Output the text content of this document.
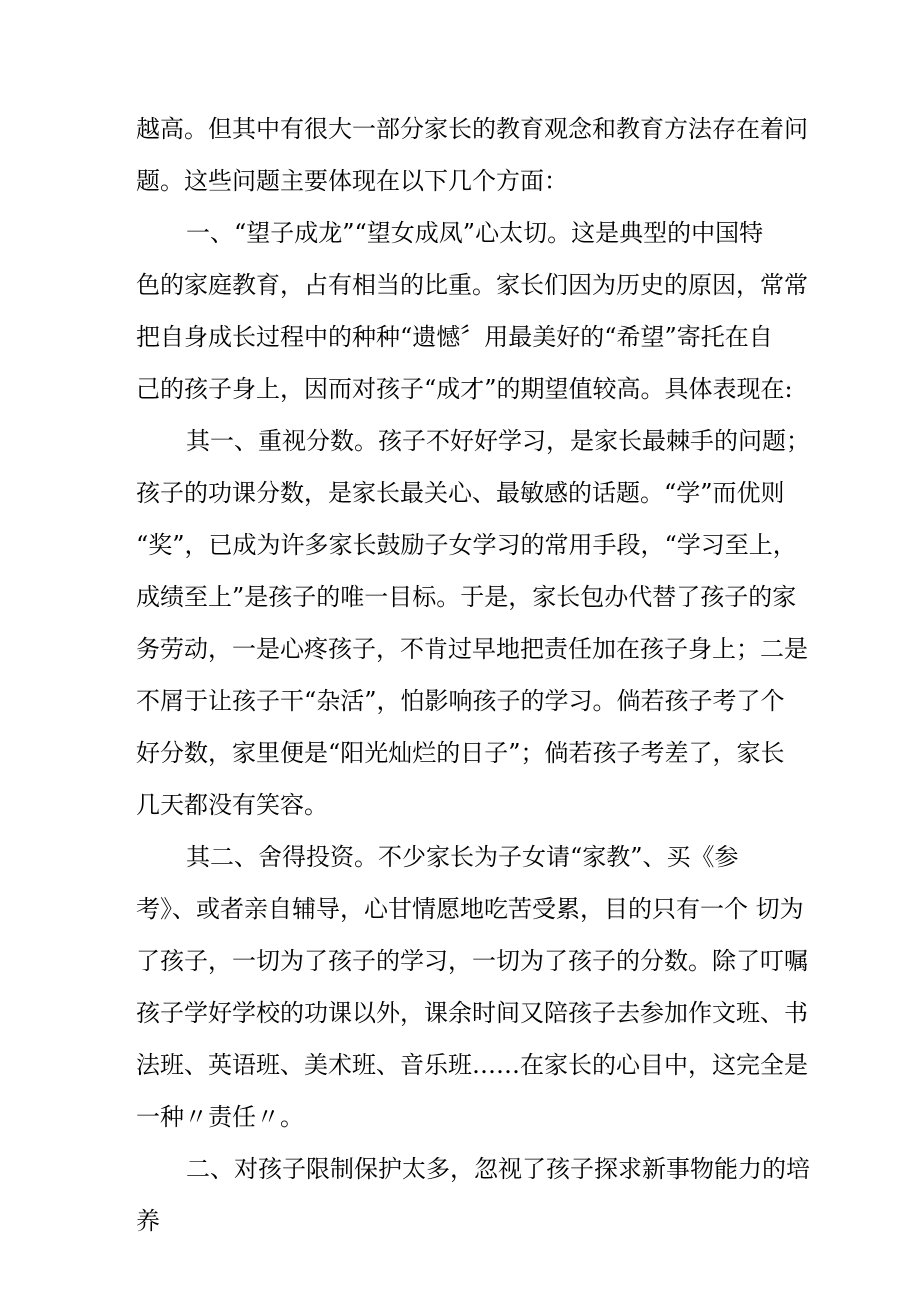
越高。但其中有很大一部分家长的教育观念和教育方法存在着问

题。这些问题主要体现在以下几个方面：

一、“望子成龙”“望女成凤”心太切。这是典型的中国特

色的家庭教育，占有相当的比重。家长们因为历史的原因，常常

把自身成长过程中的种种“遗憾〞用最美好的“希望”寄托在自

己的孩子身上，因而对孩子“成才”的期望值较高。具体表现在:

其一、重视分数。孩子不好好学习，是家长最棘手的问题；

孩子的功课分数，是家长最关心、最敏感的话题。“学”而优则

“奖”，已成为许多家长鼓励子女学习的常用手段，“学习至上，

成绩至上”是孩子的唯一目标。于是，家长包办代替了孩子的家

务劳动，一是心疼孩子，不肯过早地把责任加在孩子身上；二是

不屑于让孩子干“杂活”，怕影响孩子的学习。倘若孩子考了个

好分数，家里便是“阳光灿烂的日子”；倘若孩子考差了，家长

几天都没有笑容。

其二、舍得投资。不少家长为子女请“家教”、买《参

考》、或者亲自辅导，心甘情愿地吃苦受累，目的只有一个 切为

了孩子，一切为了孩子的学习，一切为了孩子的分数。除了叮嘱

孩子学好学校的功课以外，课余时间又陪孩子去参加作文班、书

法班、英语班、美术班、音乐班……在家长的心目中，这完全是

一种〃责任〃。

二、对孩子限制保护太多，忽视了孩子探求新事物能力的培

养
